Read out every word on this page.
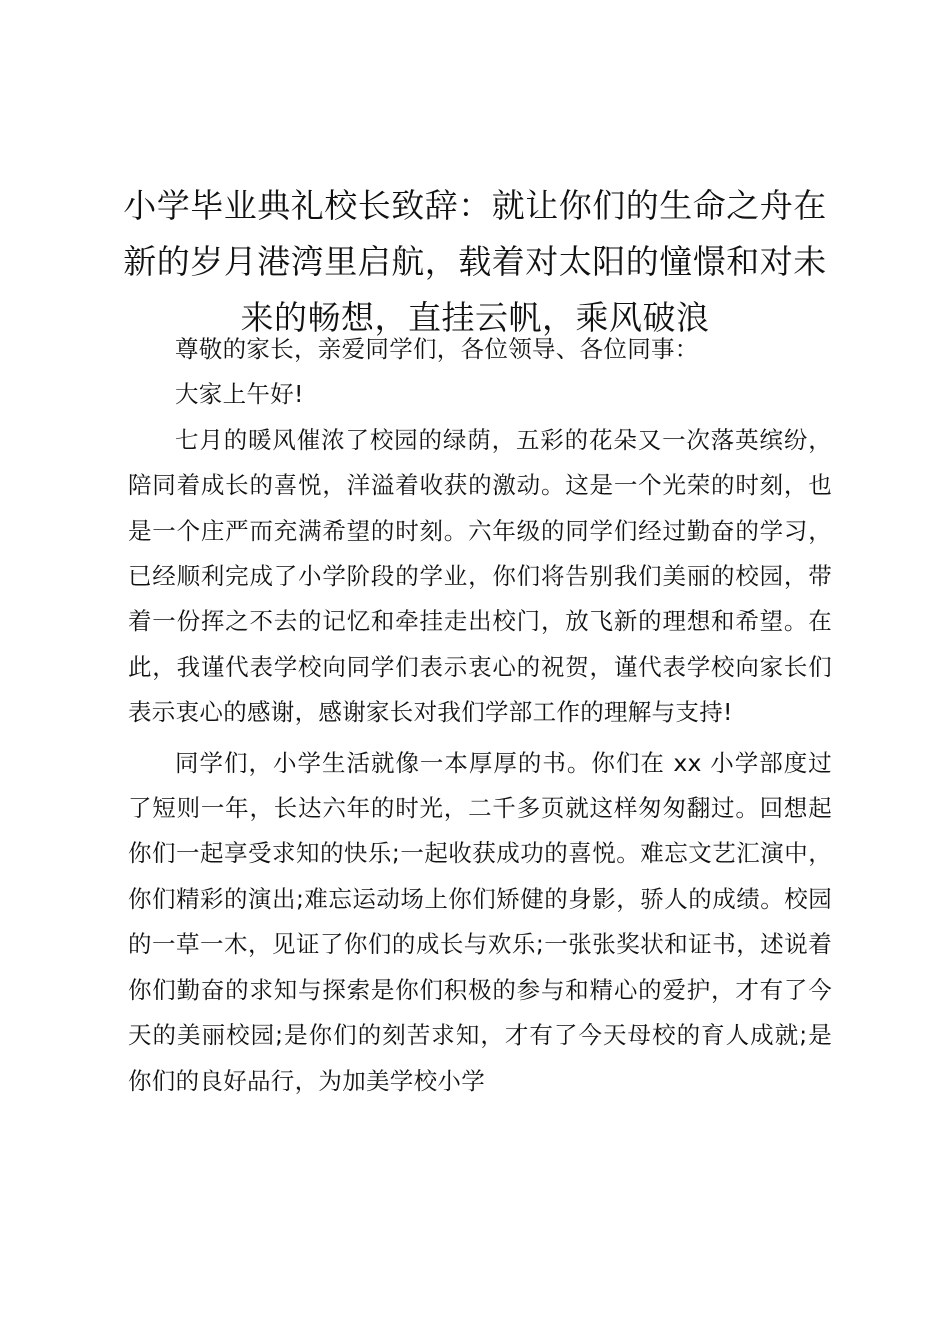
小学毕业典礼校长致辞：就让你们的生命之舟在新的岁月港湾里启航，载着对太阳的憧憬和对未来的畅想，直挂云帆，乘风破浪

尊敬的家长，亲爱同学们，各位领导、各位同事：

大家上午好!

七月的暖风催浓了校园的绿荫，五彩的花朵又一次落英缤纷，陪同着成长的喜悦，洋溢着收获的激动。这是一个光荣的时刻，也是一个庄严而充满希望的时刻。六年级的同学们经过勤奋的学习，已经顺利完成了小学阶段的学业，你们将告别我们美丽的校园，带着一份挥之不去的记忆和牵挂走出校门，放飞新的理想和希望。在此，我谨代表学校向同学们表示衷心的祝贺，谨代表学校向家长们表示衷心的感谢，感谢家长对我们学部工作的理解与支持!

同学们，小学生活就像一本厚厚的书。你们在 xx 小学部度过了短则一年，长达六年的时光，二千多页就这样匆匆翻过。回想起你们一起享受求知的快乐;一起收获成功的喜悦。难忘文艺汇演中，你们精彩的演出;难忘运动场上你们矫健的身影，骄人的成绩。校园的一草一木，见证了你们的成长与欢乐;一张张奖状和证书，述说着你们勤奋的求知与探索是你们积极的参与和精心的爱护，才有了今天的美丽校园;是你们的刻苦求知，才有了今天母校的育人成就;是你们的良好品行，为加美学校小学
